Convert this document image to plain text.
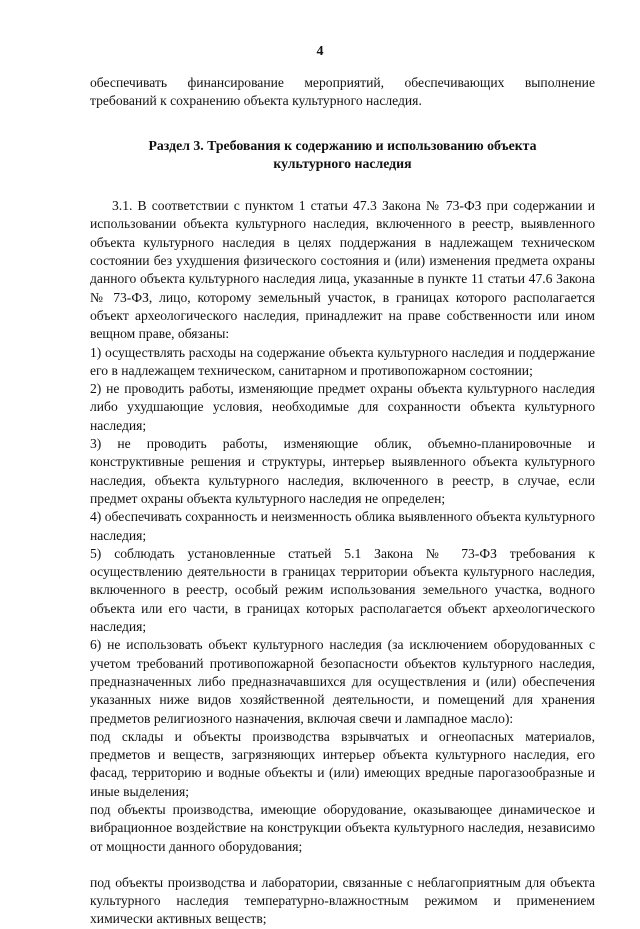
4

обеспечивать финансирование мероприятий, обеспечивающих выполнение требований к сохранению объекта культурного наследия.

Раздел 3. Требования к содержанию и использованию объекта
культурного наследия

3.1. В соответствии с пунктом 1 статьи 47.3 Закона № 73-ФЗ при содержании и использовании объекта культурного наследия, включенного в реестр, выявленного объекта культурного наследия в целях поддержания в надлежащем техническом состоянии без ухудшения физического состояния и (или) изменения предмета охраны данного объекта культурного наследия лица, указанные в пункте 11 статьи 47.6 Закона № 73-ФЗ, лицо, которому земельный участок, в границах которого располагается объект археологического наследия, принадлежит на праве собственности или ином вещном праве, обязаны:

1) осуществлять расходы на содержание объекта культурного наследия и поддержание его в надлежащем техническом, санитарном и противопожарном состоянии;

2) не проводить работы, изменяющие предмет охраны объекта культурного наследия либо ухудшающие условия, необходимые для сохранности объекта культурного наследия;

3) не проводить работы, изменяющие облик, объемно-планировочные и конструктивные решения и структуры, интерьер выявленного объекта культурного наследия, объекта культурного наследия, включенного в реестр, в случае, если предмет охраны объекта культурного наследия не определен;

4) обеспечивать сохранность и неизменность облика выявленного объекта культурного наследия;

5) соблюдать установленные статьей 5.1 Закона № 73-ФЗ требования к осуществлению деятельности в границах территории объекта культурного наследия, включенного в реестр, особый режим использования земельного участка, водного объекта или его части, в границах которых располагается объект археологического наследия;

6) не использовать объект культурного наследия (за исключением оборудованных с учетом требований противопожарной безопасности объектов культурного наследия, предназначенных либо предназначавшихся для осуществления и (или) обеспечения указанных ниже видов хозяйственной деятельности, и помещений для хранения предметов религиозного назначения, включая свечи и лампадное масло):

под склады и объекты производства взрывчатых и огнеопасных материалов, предметов и веществ, загрязняющих интерьер объекта культурного наследия, его фасад, территорию и водные объекты и (или) имеющих вредные парогазообразные и иные выделения;

под объекты производства, имеющие оборудование, оказывающее динамическое и вибрационное воздействие на конструкции объекта культурного наследия, независимо от мощности данного оборудования;

под объекты производства и лаборатории, связанные с неблагоприятным для объекта культурного наследия температурно-влажностным режимом и применением химически активных веществ;
